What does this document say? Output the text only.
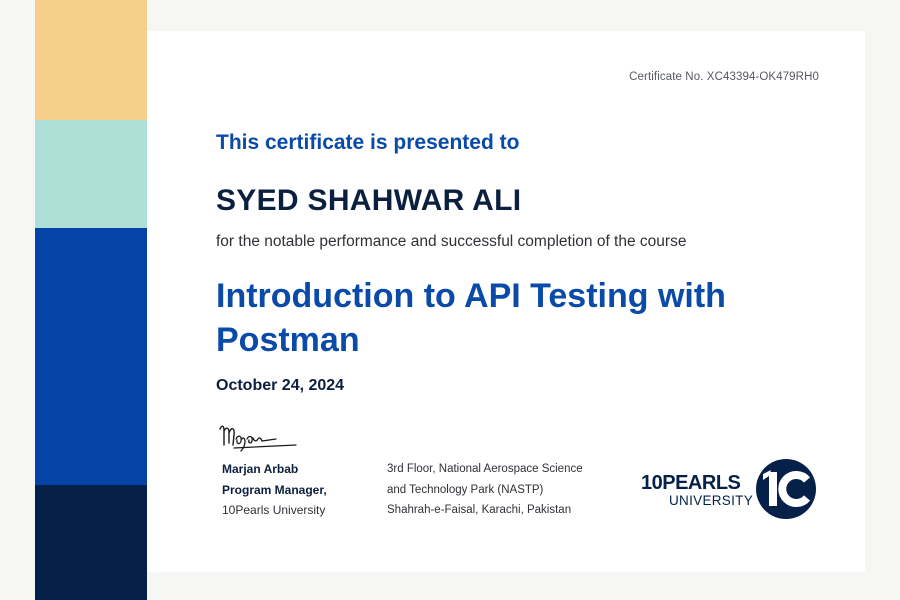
Certificate No. XC43394-OK479RH0
This certificate is presented to
SYED SHAHWAR ALI
for the notable performance and successful completion of the course
Introduction to API Testing with Postman
October 24, 2024
Marjan Arbab
Program Manager,
10Pearls University
3rd Floor, National Aerospace Science
and Technology Park (NASTP)
Shahrah-e-Faisal, Karachi, Pakistan
10PEARLS
UNIVERSITY
